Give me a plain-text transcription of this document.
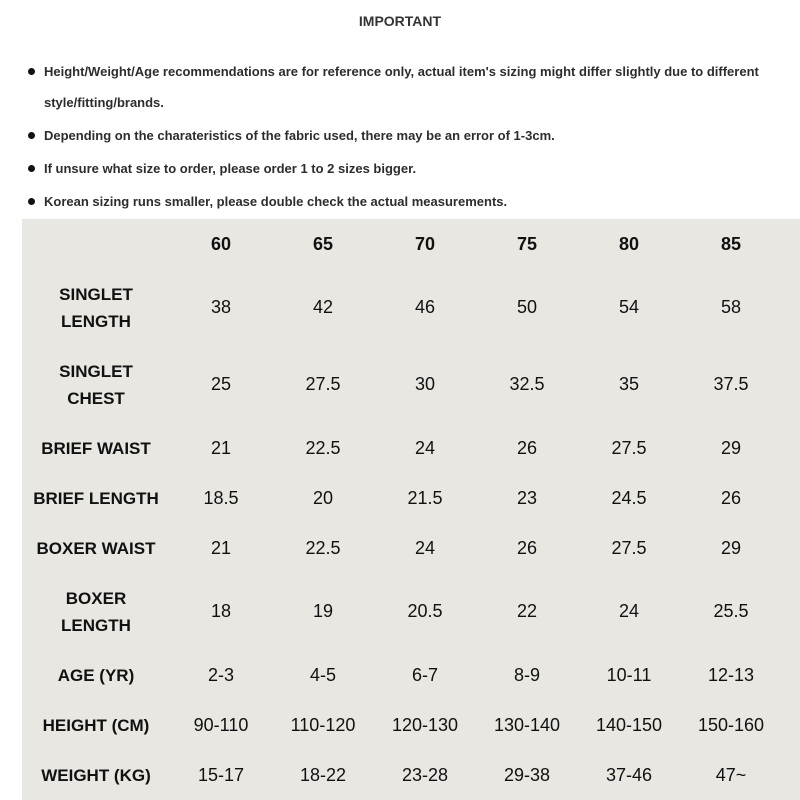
IMPORTANT
Height/Weight/Age recommendations are for reference only, actual item's sizing might differ slightly due to different style/fitting/brands.
Depending on the charateristics of the fabric used, there may be an error of 1-3cm.
If unsure what size to order, please order 1 to 2 sizes bigger.
Korean sizing runs smaller, please double check the actual measurements.
	60	65	70	75	80	85
SINGLET
LENGTH	38	42	46	50	54	58
SINGLET
CHEST	25	27.5	30	32.5	35	37.5
BRIEF WAIST	21	22.5	24	26	27.5	29
BRIEF LENGTH	18.5	20	21.5	23	24.5	26
BOXER WAIST	21	22.5	24	26	27.5	29
BOXER
LENGTH	18	19	20.5	22	24	25.5
AGE (YR)	2-3	4-5	6-7	8-9	10-11	12-13
HEIGHT (CM)	90-110	110-120	120-130	130-140	140-150	150-160
WEIGHT (KG)	15-17	18-22	23-28	29-38	37-46	47~
